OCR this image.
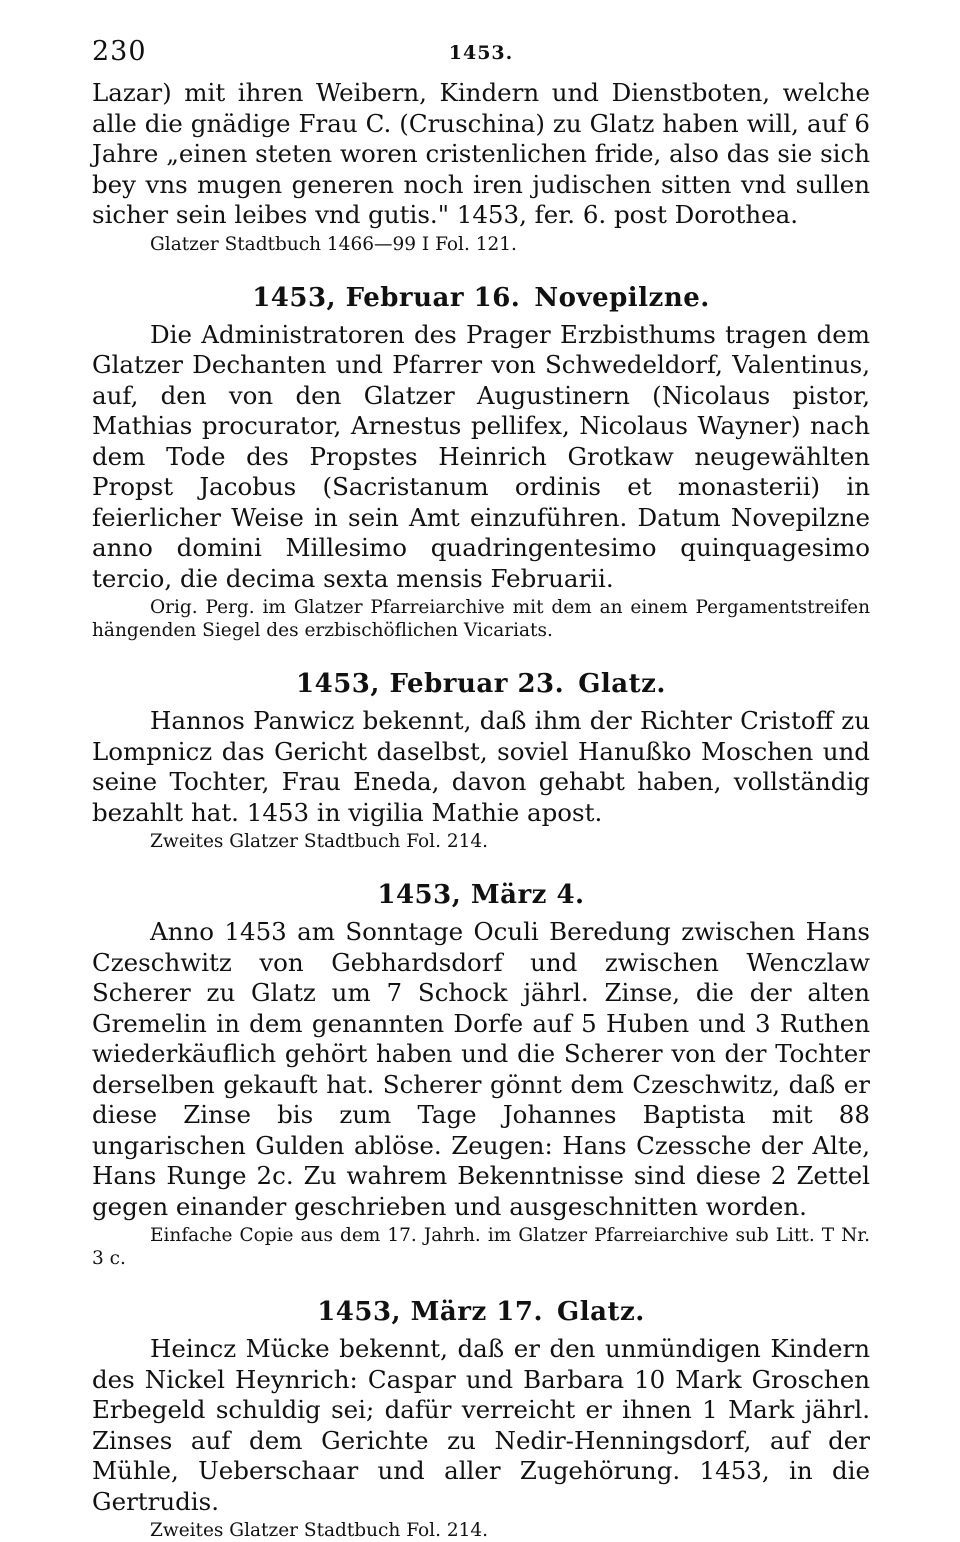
230	1453.

Lazar) mit ihren Weibern, Kindern und Dienstboten, welche alle die gnädige Frau C. (Cruschina) zu Glatz haben will, auf 6 Jahre „einen steten woren cristenlichen fride, also das sie sich bey vns mugen generen noch iren judischen sitten vnd sullen sicher sein leibes vnd gutis." 1453, fer. 6. post Dorothea.

Glatzer Stadtbuch 1466—99 I Fol. 121.

1453, Februar 16. Novepilzne.

Die Administratoren des Prager Erzbisthums tragen dem Glatzer Dechanten und Pfarrer von Schwedeldorf, Valentinus, auf, den von den Glatzer Augustinern (Nicolaus pistor, Mathias procurator, Arnestus pellifex, Nicolaus Wayner) nach dem Tode des Propstes Heinrich Grotkaw neugewählten Propst Jacobus (Sacristanum ordinis et monasterii) in feierlicher Weise in sein Amt einzuführen. Datum Novepilzne anno domini Millesimo quadringentesimo quinquagesimo tercio, die decima sexta mensis Februarii.

Orig. Perg. im Glatzer Pfarreiarchive mit dem an einem Pergamentstreifen hängenden Siegel des erzbischöflichen Vicariats.

1453, Februar 23. Glatz.

Hannos Panwicz bekennt, daß ihm der Richter Cristoff zu Lompnicz das Gericht daselbst, soviel Hanußko Moschen und seine Tochter, Frau Eneda, davon gehabt haben, vollständig bezahlt hat. 1453 in vigilia Mathie apost.

Zweites Glatzer Stadtbuch Fol. 214.

1453, März 4.

Anno 1453 am Sonntage Oculi Beredung zwischen Hans Czeschwitz von Gebhardsdorf und zwischen Wenczlaw Scherer zu Glatz um 7 Schock jährl. Zinse, die der alten Gremelin in dem genannten Dorfe auf 5 Huben und 3 Ruthen wiederkäuflich gehört haben und die Scherer von der Tochter derselben gekauft hat. Scherer gönnt dem Czeschwitz, daß er diese Zinse bis zum Tage Johannes Baptista mit 88 ungarischen Gulden ablöse. Zeugen: Hans Czessche der Alte, Hans Runge 2c. Zu wahrem Bekenntnisse sind diese 2 Zettel gegen einander geschrieben und ausgeschnitten worden.

Einfache Copie aus dem 17. Jahrh. im Glatzer Pfarreiarchive sub Litt. T Nr. 3 c.

1453, März 17. Glatz.

Heincz Mücke bekennt, daß er den unmündigen Kindern des Nickel Heynrich: Caspar und Barbara 10 Mark Groschen Erbegeld schuldig sei; dafür verreicht er ihnen 1 Mark jährl. Zinses auf dem Gerichte zu Nedir-Henningsdorf, auf der Mühle, Ueberschaar und aller Zugehörung. 1453, in die Gertrudis.

Zweites Glatzer Stadtbuch Fol. 214.
